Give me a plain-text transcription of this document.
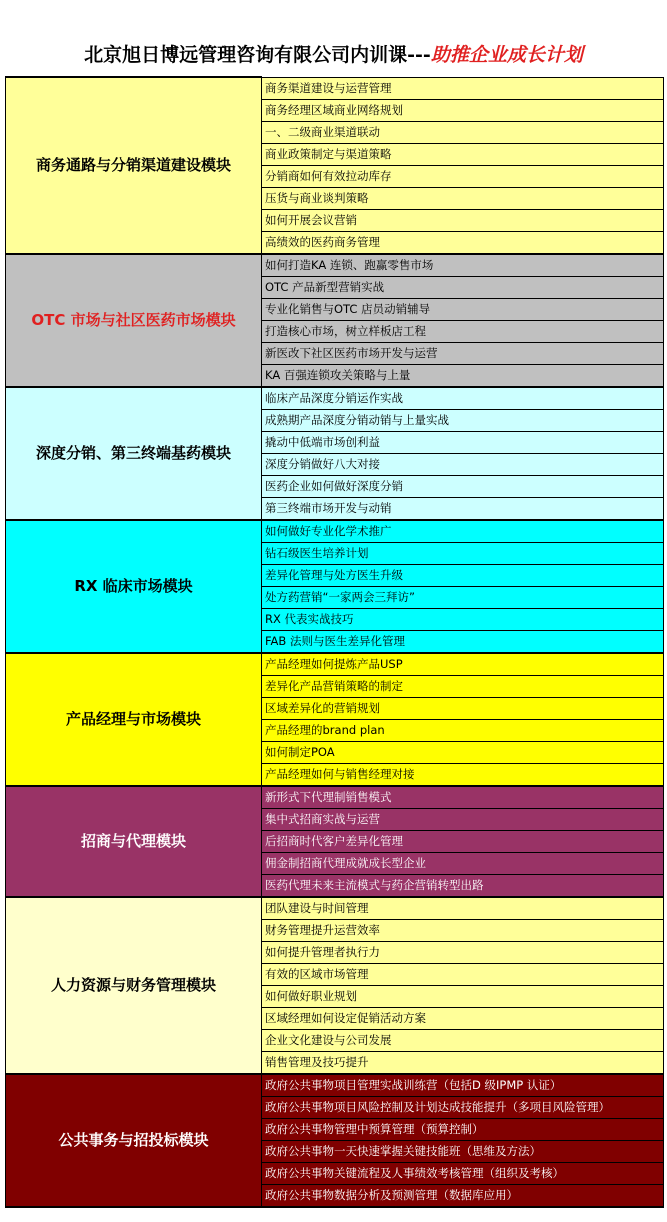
北京旭日博远管理咨询有限公司内训课---助推企业成长计划
商务通路与分销渠道建设模块	商务渠道建设与运营管理
	商务经理区域商业网络规划
	一、二级商业渠道联动
	商业政策制定与渠道策略
	分销商如何有效拉动库存
	压货与商业谈判策略
	如何开展会议营销
	高绩效的医药商务管理
OTC 市场与社区医药市场模块	如何打造KA 连锁、跑赢零售市场
	OTC 产品新型营销实战
	专业化销售与OTC 店员动销辅导
	打造核心市场，树立样板店工程
	新医改下社区医药市场开发与运营
	KA 百强连锁攻关策略与上量
深度分销、第三终端基药模块	临床产品深度分销运作实战
	成熟期产品深度分销动销与上量实战
	撬动中低端市场创利益
	深度分销做好八大对接
	医药企业如何做好深度分销
	第三终端市场开发与动销
RX 临床市场模块	如何做好专业化学术推广
	钻石级医生培养计划
	差异化管理与处方医生升级
	处方药营销“一家两会三拜访”
	RX 代表实战技巧
	FAB 法则与医生差异化管理
产品经理与市场模块	产品经理如何提炼产品USP
	差异化产品营销策略的制定
	区域差异化的营销规划
	产品经理的brand plan
	如何制定POA
	产品经理如何与销售经理对接
招商与代理模块	新形式下代理制销售模式
	集中式招商实战与运营
	后招商时代客户差异化管理
	佣金制招商代理成就成长型企业
	医药代理未来主流模式与药企营销转型出路
人力资源与财务管理模块	团队建设与时间管理
	财务管理提升运营效率
	如何提升管理者执行力
	有效的区域市场管理
	如何做好职业规划
	区域经理如何设定促销活动方案
	企业文化建设与公司发展
	销售管理及技巧提升
公共事务与招投标模块	政府公共事物项目管理实战训练营（包括D 级IPMP 认证）
	政府公共事物项目风险控制及计划达成技能提升（多项目风险管理）
	政府公共事物管理中预算管理（预算控制）
	政府公共事物一天快速掌握关键技能班（思维及方法）
	政府公共事物关键流程及人事绩效考核管理（组织及考核）
	政府公共事物数据分析及预测管理（数据库应用）
